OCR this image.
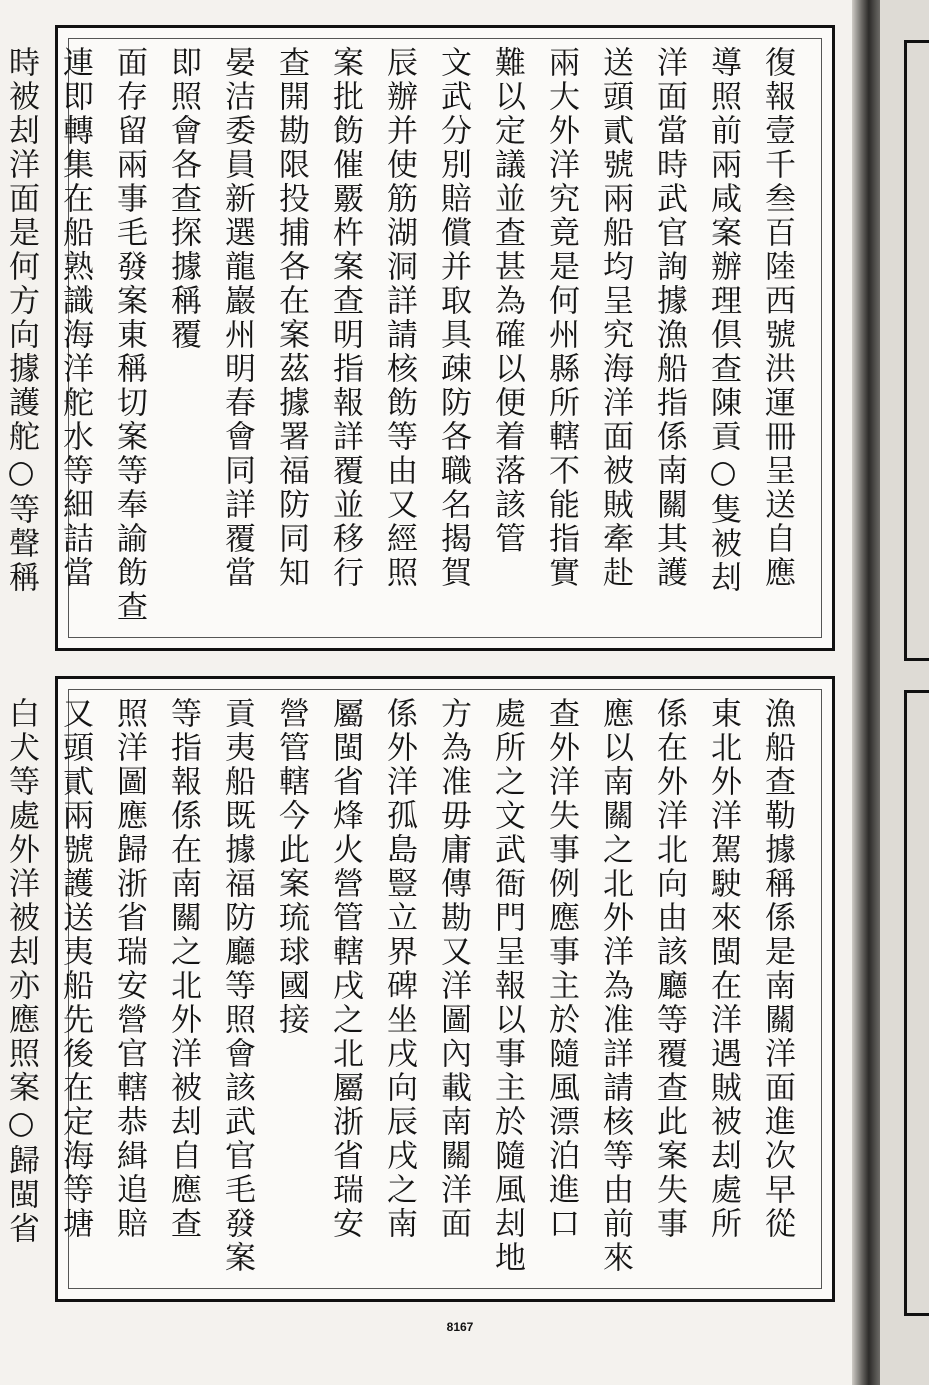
復報壹千叁百陸西號洪運冊呈送自應
導照前兩咸案辦理倶查陳貢○隻被刦
洋面當時武官詢據漁船指係南關其護
送頭貳號兩船均呈究海洋面被賊牽赴
兩大外洋究竟是何州縣所轄不能指實
難以定議並查甚為確以便着落該管
文武分別賠償并取具疎防各職名揭賀
辰辦并使筋湖洞詳請核飭等由又經照
案批飭催覈杵案查明指報詳覆並移行
查開勘限投捕各在案茲據署福防同知
晏洁委員新選龍巖州明春會同詳覆當
即照會各查探據稱覆
面存留兩事毛發案東稱切案等奉諭飭查
連即轉集在船熟識海洋舵水等細詰當
時被刦洋面是何方向據護舵○等聲稱
漁船查勒據稱係是南關洋面進次早從
東北外洋駕駛來閩在洋遇賊被刦處所
係在外洋北向由該廳等覆查此案失事
應以南關之北外洋為准詳請核等由前來
查外洋失事例應事主於隨風漂泊進口
處所之文武衙門呈報以事主於隨風刦地
方為准毋庸傳勘又洋圖內載南關洋面
係外洋孤島豎立界碑坐戌向辰戌之南
屬閩省烽火營管轄戌之北屬浙省瑞安
營管轄今此案琉球國接
貢夷船既據福防廳等照會該武官毛發案
等指報係在南關之北外洋被刦自應查
照洋圖應歸浙省瑞安營官轄恭緝追賠
又頭貳兩號護送夷船先後在定海等塘
白犬等處外洋被刦亦應照案○歸閩省
8167
